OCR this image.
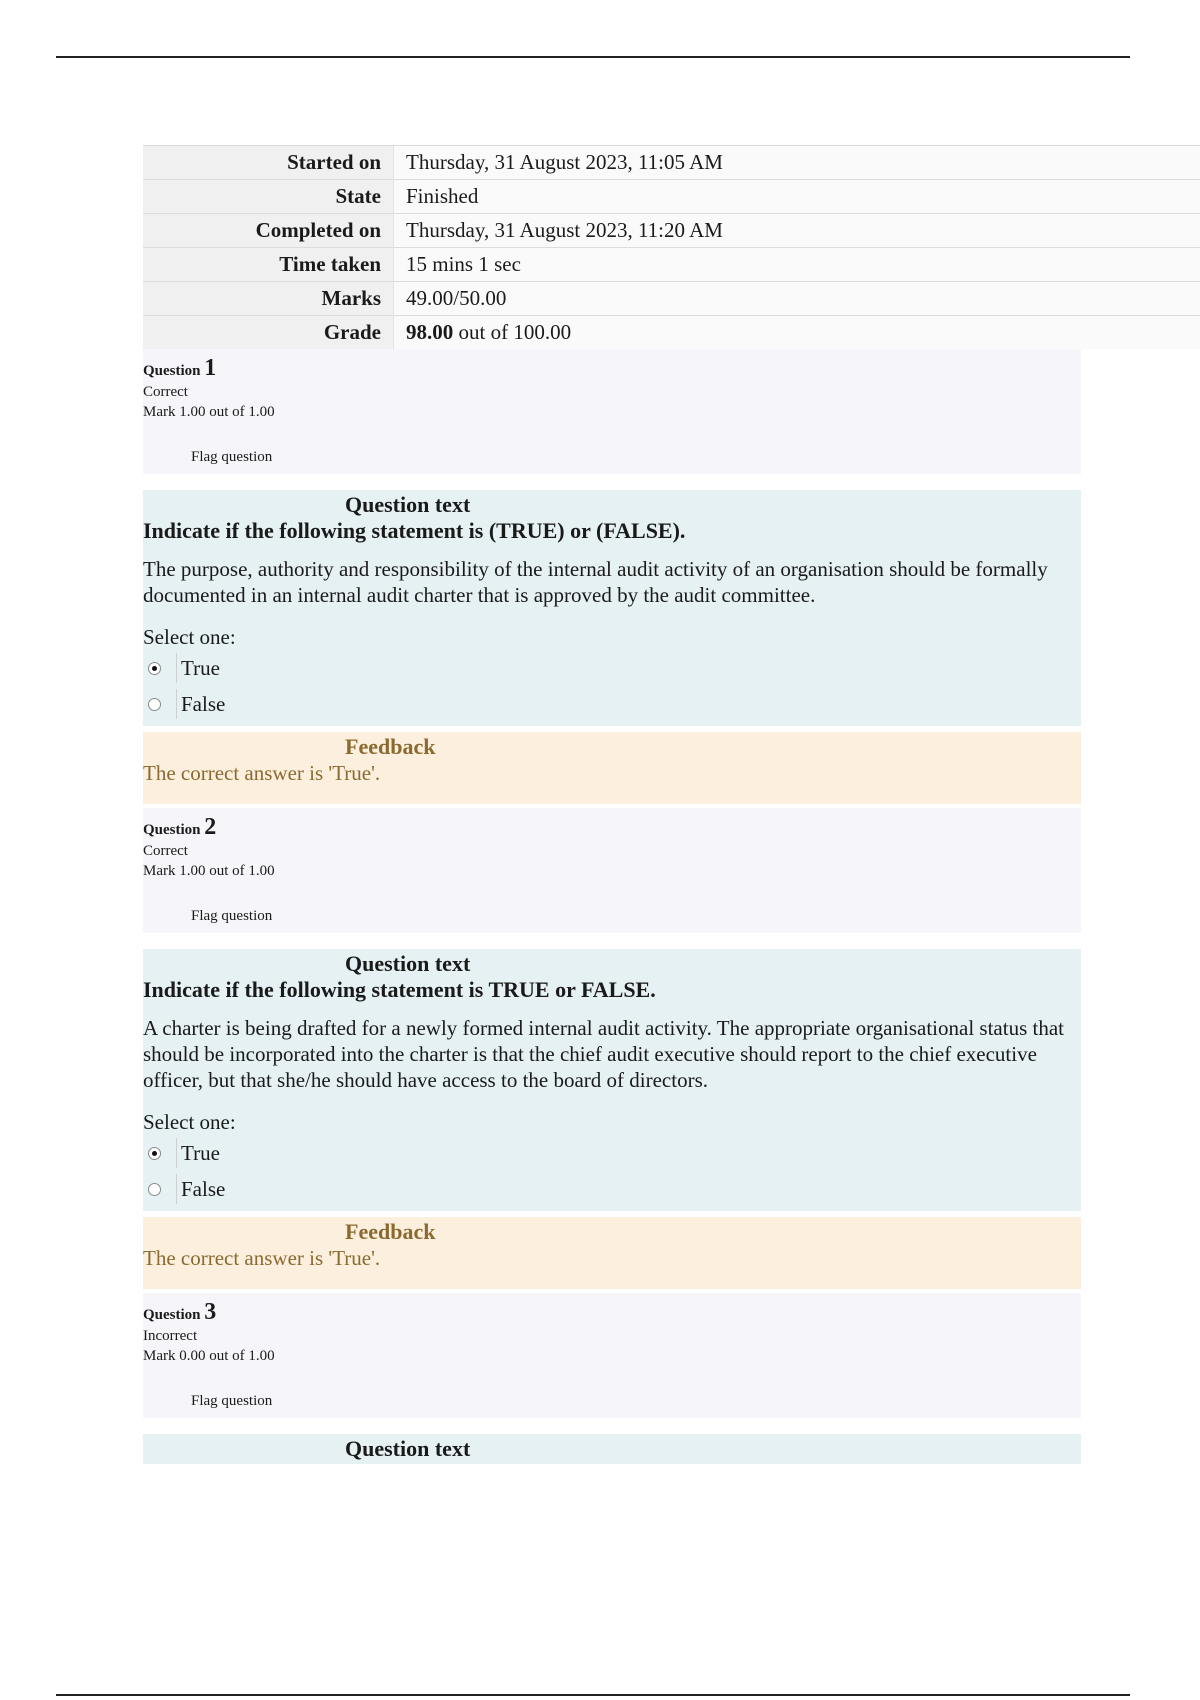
Started on	Thursday, 31 August 2023, 11:05 AM
State	Finished
Completed on	Thursday, 31 August 2023, 11:20 AM
Time taken	15 mins 1 sec
Marks	49.00/50.00
Grade	98.00 out of 100.00
Question 1
Correct
Mark 1.00 out of 1.00
Flag question
Question text
Indicate if the following statement is (TRUE) or (FALSE).
The purpose, authority and responsibility of the internal audit activity of an organisation should be formally documented in an internal audit charter that is approved by the audit committee.
Select one:
True
False
Feedback
The correct answer is 'True'.
Question 2
Correct
Mark 1.00 out of 1.00
Flag question
Question text
Indicate if the following statement is TRUE or FALSE.
A charter is being drafted for a newly formed internal audit activity. The appropriate organisational status that should be incorporated into the charter is that the chief audit executive should report to the chief executive officer, but that she/he should have access to the board of directors.
Select one:
True
False
Feedback
The correct answer is 'True'.
Question 3
Incorrect
Mark 0.00 out of 1.00
Flag question
Question text
